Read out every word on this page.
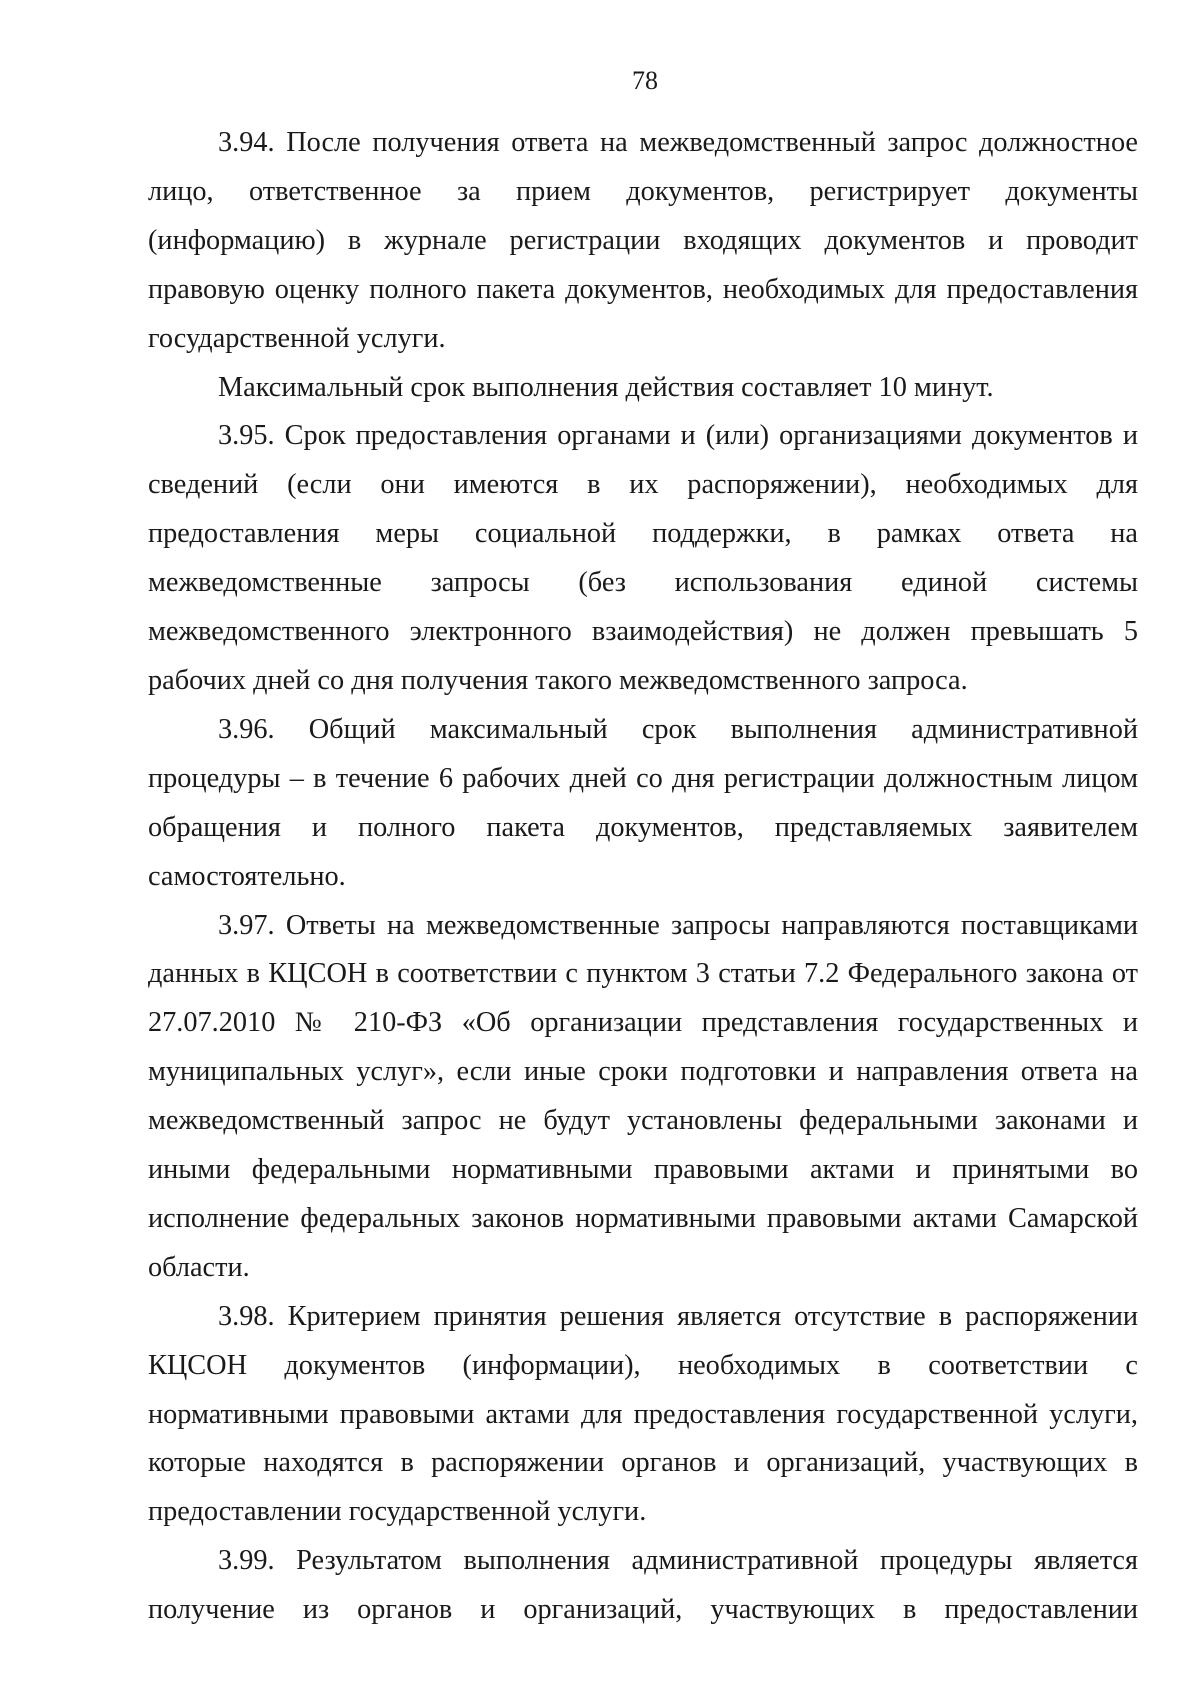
78

3.94. После получения ответа на межведомственный запрос должностное лицо, ответственное за прием документов, регистрирует документы (информацию) в журнале регистрации входящих документов и проводит правовую оценку полного пакета документов, необходимых для предоставления государственной услуги.

Максимальный срок выполнения действия составляет 10 минут.

3.95. Срок предоставления органами и (или) организациями документов и сведений (если они имеются в их распоряжении), необходимых для предоставления меры социальной поддержки, в рамках ответа на межведомственные запросы (без использования единой системы межведомственного электронного взаимодействия) не должен превышать 5 рабочих дней со дня получения такого межведомственного запроса.

3.96. Общий максимальный срок выполнения административной процедуры – в течение 6 рабочих дней со дня регистрации должностным лицом обращения и полного пакета документов, представляемых заявителем самостоятельно.

3.97. Ответы на межведомственные запросы направляются поставщиками данных в КЦСОН в соответствии с пунктом 3 статьи 7.2 Федерального закона от 27.07.2010 № 210-ФЗ «Об организации представления государственных и муниципальных услуг», если иные сроки подготовки и направления ответа на межведомственный запрос не будут установлены федеральными законами и иными федеральными нормативными правовыми актами и принятыми во исполнение федеральных законов нормативными правовыми актами Самарской области.

3.98. Критерием принятия решения является отсутствие в распоряжении КЦСОН документов (информации), необходимых в соответствии с нормативными правовыми актами для предоставления государственной услуги, которые находятся в распоряжении органов и организаций, участвующих в предоставлении государственной услуги.

3.99. Результатом выполнения административной процедуры является получение из органов и организаций, участвующих в предоставлении
